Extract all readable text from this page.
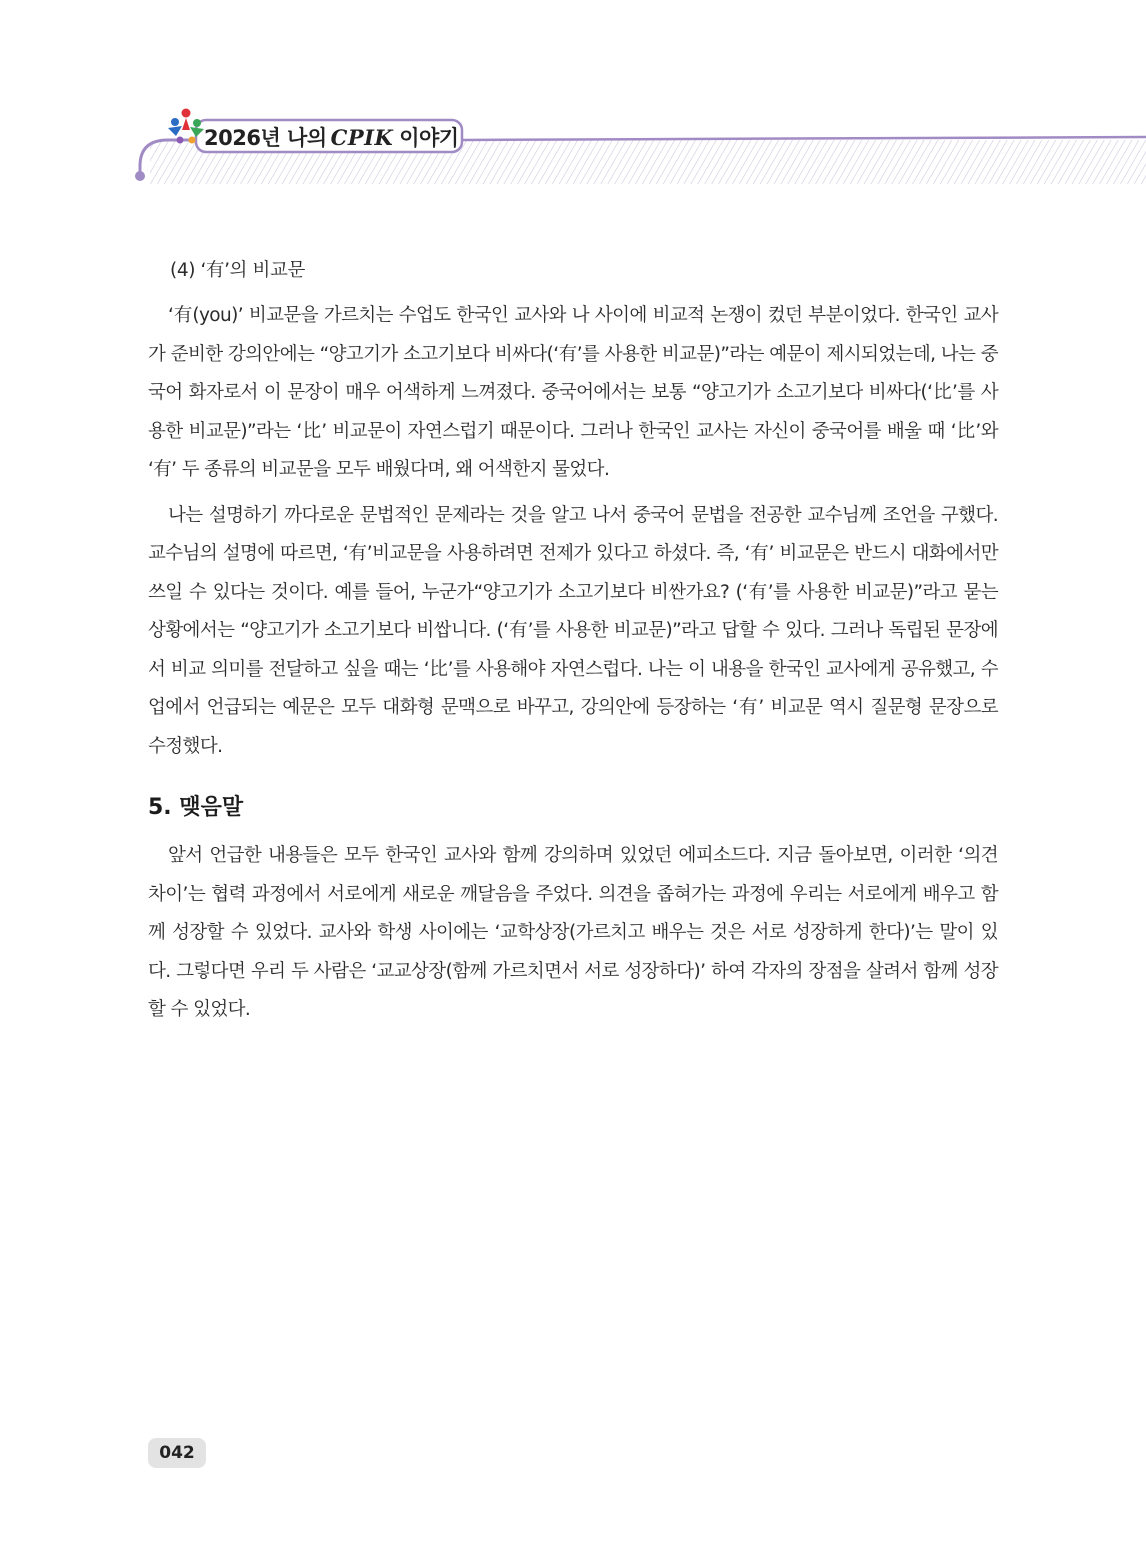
2026년 나의 CPIK 이야기
(4) ‘有’의 비교문

‘有(you)’ 비교문을 가르치는 수업도 한국인 교사와 나 사이에 비교적 논쟁이 컸던 부분이었다. 한국인 교사가 준비한 강의안에는 “양고기가 소고기보다 비싸다(‘有’를 사용한 비교문)”라는 예문이 제시되었는데, 나는 중국어 화자로서 이 문장이 매우 어색하게 느껴졌다. 중국어에서는 보통 “양고기가 소고기보다 비싸다(‘比’를 사용한 비교문)”라는 ‘比’ 비교문이 자연스럽기 때문이다. 그러나 한국인 교사는 자신이 중국어를 배울 때 ‘比’와 ‘有’ 두 종류의 비교문을 모두 배웠다며, 왜 어색한지 물었다.

나는 설명하기 까다로운 문법적인 문제라는 것을 알고 나서 중국어 문법을 전공한 교수님께 조언을 구했다. 교수님의 설명에 따르면, ‘有’비교문을 사용하려면 전제가 있다고 하셨다. 즉, ‘有’ 비교문은 반드시 대화에서만 쓰일 수 있다는 것이다. 예를 들어, 누군가“양고기가 소고기보다 비싼가요? (‘有’를 사용한 비교문)”라고 묻는 상황에서는 “양고기가 소고기보다 비쌉니다. (‘有’를 사용한 비교문)”라고 답할 수 있다. 그러나 독립된 문장에서 비교 의미를 전달하고 싶을 때는 ‘比’를 사용해야 자연스럽다. 나는 이 내용을 한국인 교사에게 공유했고, 수업에서 언급되는 예문은 모두 대화형 문맥으로 바꾸고, 강의안에 등장하는 ‘有’ 비교문 역시 질문형 문장으로 수정했다.

5. 맺음말

앞서 언급한 내용들은 모두 한국인 교사와 함께 강의하며 있었던 에피소드다. 지금 돌아보면, 이러한 ‘의견 차이’는 협력 과정에서 서로에게 새로운 깨달음을 주었다. 의견을 좁혀가는 과정에 우리는 서로에게 배우고 함께 성장할 수 있었다. 교사와 학생 사이에는 ‘교학상장(가르치고 배우는 것은 서로 성장하게 한다)’는 말이 있다. 그렇다면 우리 두 사람은 ‘교교상장(함께 가르치면서 서로 성장하다)’ 하여 각자의 장점을 살려서 함께 성장할 수 있었다.

042
